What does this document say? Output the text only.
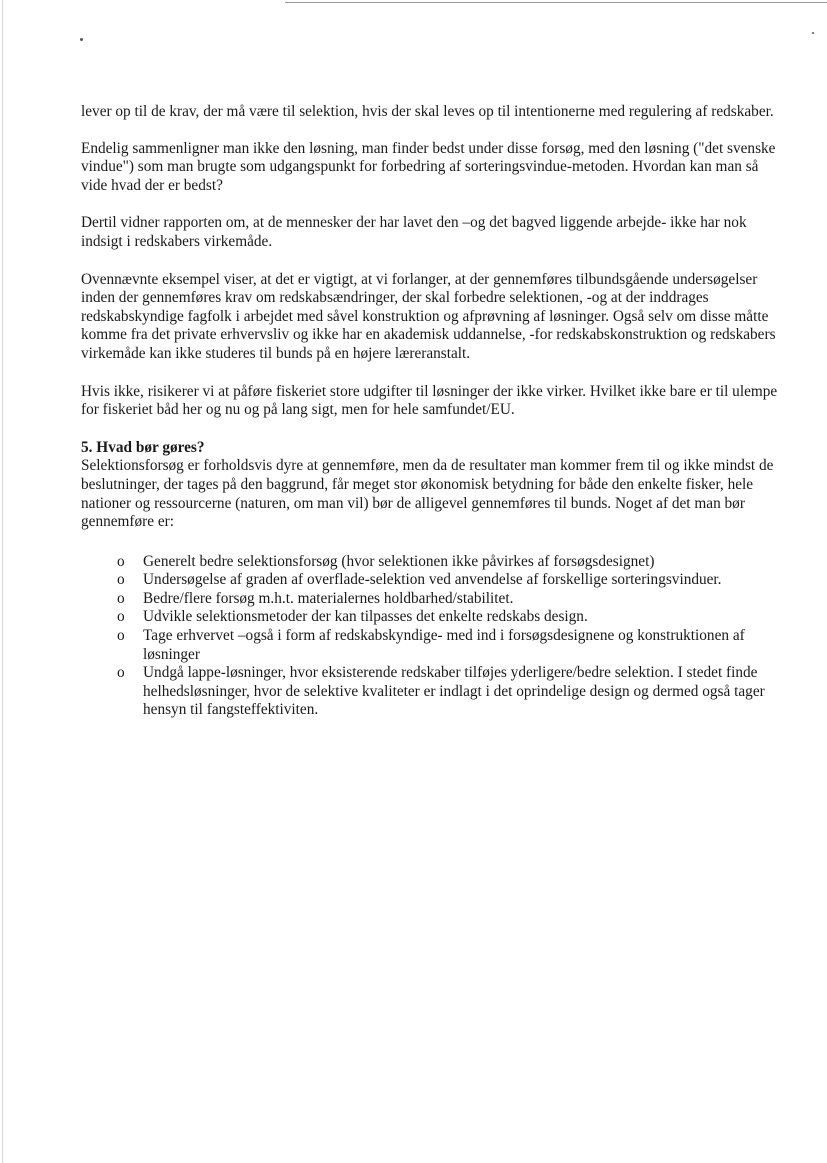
lever op til de krav, der må være til selektion, hvis der skal leves op til intentionerne med regulering af redskaber.

Endelig sammenligner man ikke den løsning, man finder bedst under disse forsøg, med den løsning ("det svenske vindue") som man brugte som udgangspunkt for forbedring af sorteringsvindue-metoden. Hvordan kan man så vide hvad der er bedst?

Dertil vidner rapporten om, at de mennesker der har lavet den –og det bagved liggende arbejde- ikke har nok indsigt i redskabers virkemåde.

Ovennævnte eksempel viser, at det er vigtigt, at vi forlanger, at der gennemføres tilbundsgående undersøgelser inden der gennemføres krav om redskabsændringer, der skal forbedre selektionen, -og at der inddrages redskabskyndige fagfolk i arbejdet med såvel konstruktion og afprøvning af løsninger. Også selv om disse måtte komme fra det private erhvervsliv og ikke har en akademisk uddannelse, -for redskabskonstruktion og redskabers virkemåde kan ikke studeres til bunds på en højere læreranstalt.

Hvis ikke, risikerer vi at påføre fiskeriet store udgifter til løsninger der ikke virker. Hvilket ikke bare er til ulempe for fiskeriet båd her og nu og på lang sigt, men for hele samfundet/EU.

5. Hvad bør gøres?

Selektionsforsøg er forholdsvis dyre at gennemføre, men da de resultater man kommer frem til og ikke mindst de beslutninger, der tages på den baggrund, får meget stor økonomisk betydning for både den enkelte fisker, hele nationer og ressourcerne (naturen, om man vil) bør de alligevel gennemføres til bunds. Noget af det man bør gennemføre er:

o Generelt bedre selektionsforsøg (hvor selektionen ikke påvirkes af forsøgsdesignet)
o Undersøgelse af graden af overflade-selektion ved anvendelse af forskellige sorteringsvinduer.
o Bedre/flere forsøg m.h.t. materialernes holdbarhed/stabilitet.
o Udvikle selektionsmetoder der kan tilpasses det enkelte redskabs design.
o Tage erhvervet –også i form af redskabskyndige- med ind i forsøgsdesignene og konstruktionen af løsninger
o Undgå lappe-løsninger, hvor eksisterende redskaber tilføjes yderligere/bedre selektion. I stedet finde helhedsløsninger, hvor de selektive kvaliteter er indlagt i det oprindelige design og dermed også tager hensyn til fangsteffektiviten.
